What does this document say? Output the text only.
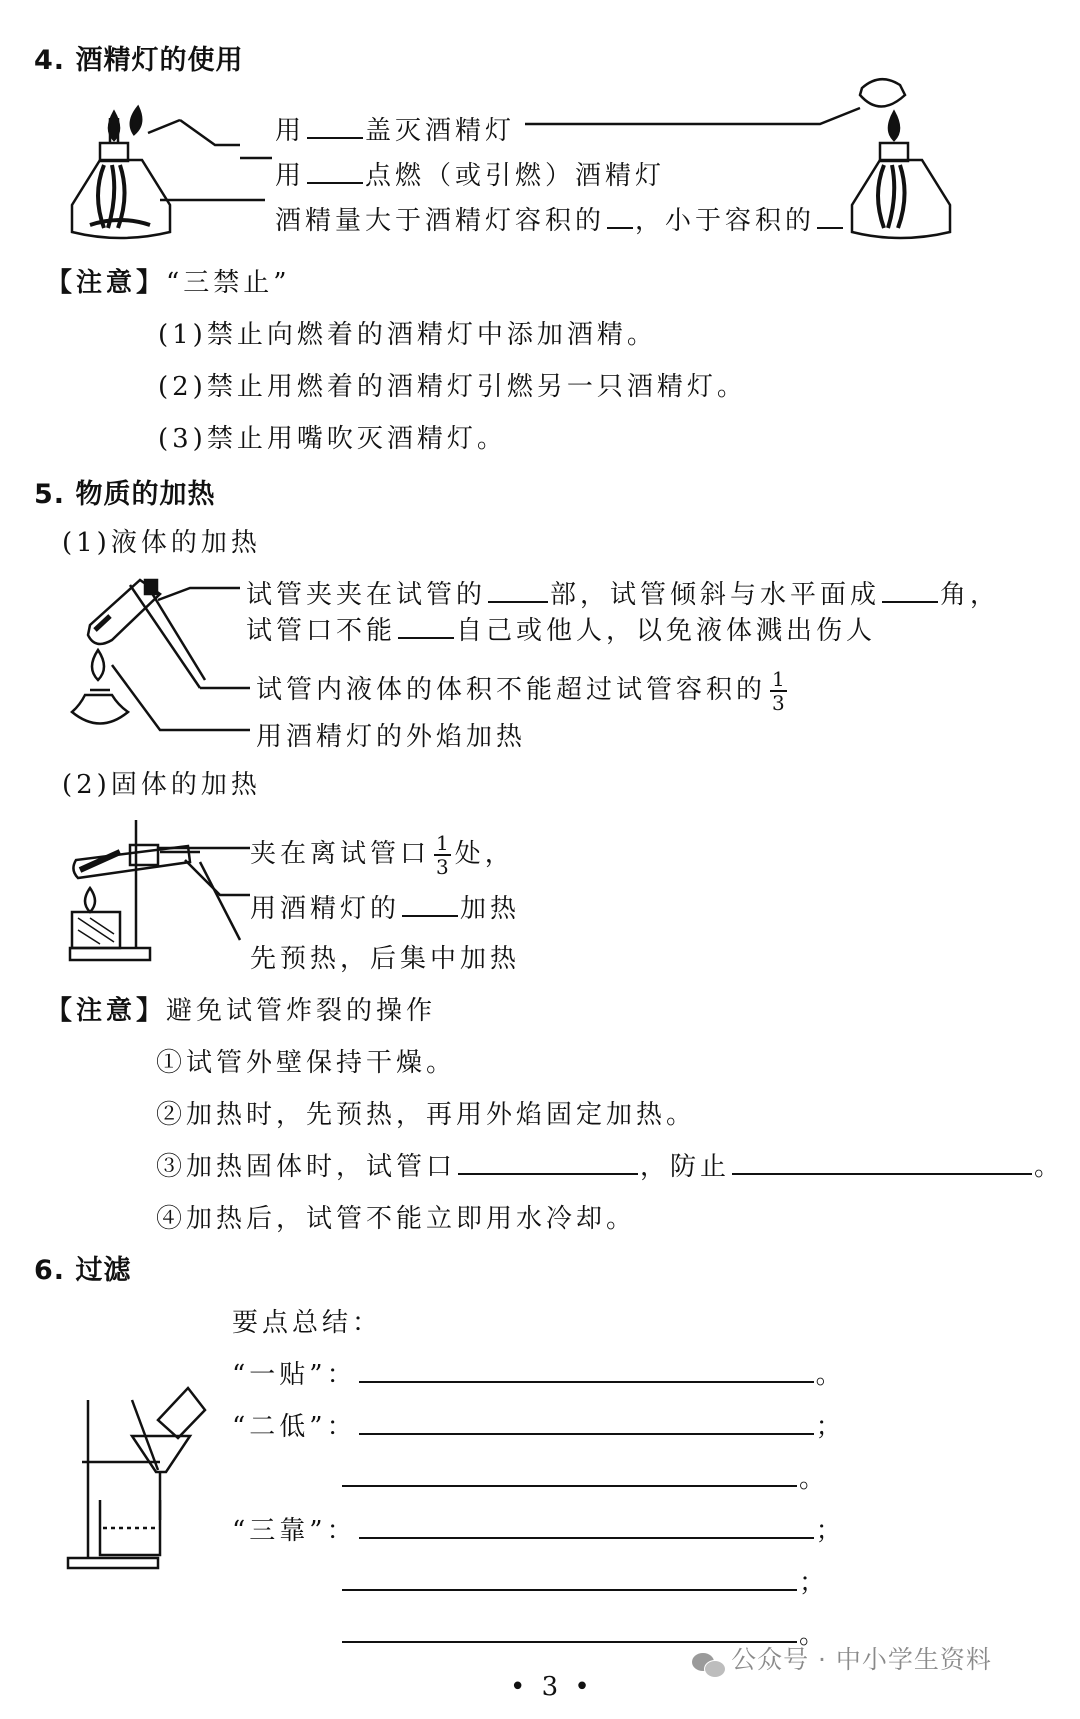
4. 酒精灯的使用
用 盖灭酒精灯
用 点燃（或引燃）酒精灯
酒精量大于酒精灯容积的 ，小于容积的
【注意】“三禁止”
(1)禁止向燃着的酒精灯中添加酒精。
(2)禁止用燃着的酒精灯引燃另一只酒精灯。
(3)禁止用嘴吹灭酒精灯。
5. 物质的加热
(1)液体的加热
试管夹夹在试管的 部，试管倾斜与水平面成 角，
试管口不能 自己或他人，以免液体溅出伤人
试管内液体的体积不能超过试管容积的 $\frac{1}{3}$
用酒精灯的外焰加热
(2)固体的加热
夹在离试管口 $\frac{1}{3}$ 处，
用酒精灯的 加热
先预热，后集中加热
【注意】避免试管炸裂的操作
①试管外壁保持干燥。
②加热时，先预热，再用外焰固定加热。
③加热固体时，试管口	，防止	。
④加热后，试管不能立即用水冷却。
6. 过滤
要点总结：
“一贴”：	。
“二低”：	；
。
“三靠”：	；
；
。
• 3 •
公众号 · 中小学生资料
